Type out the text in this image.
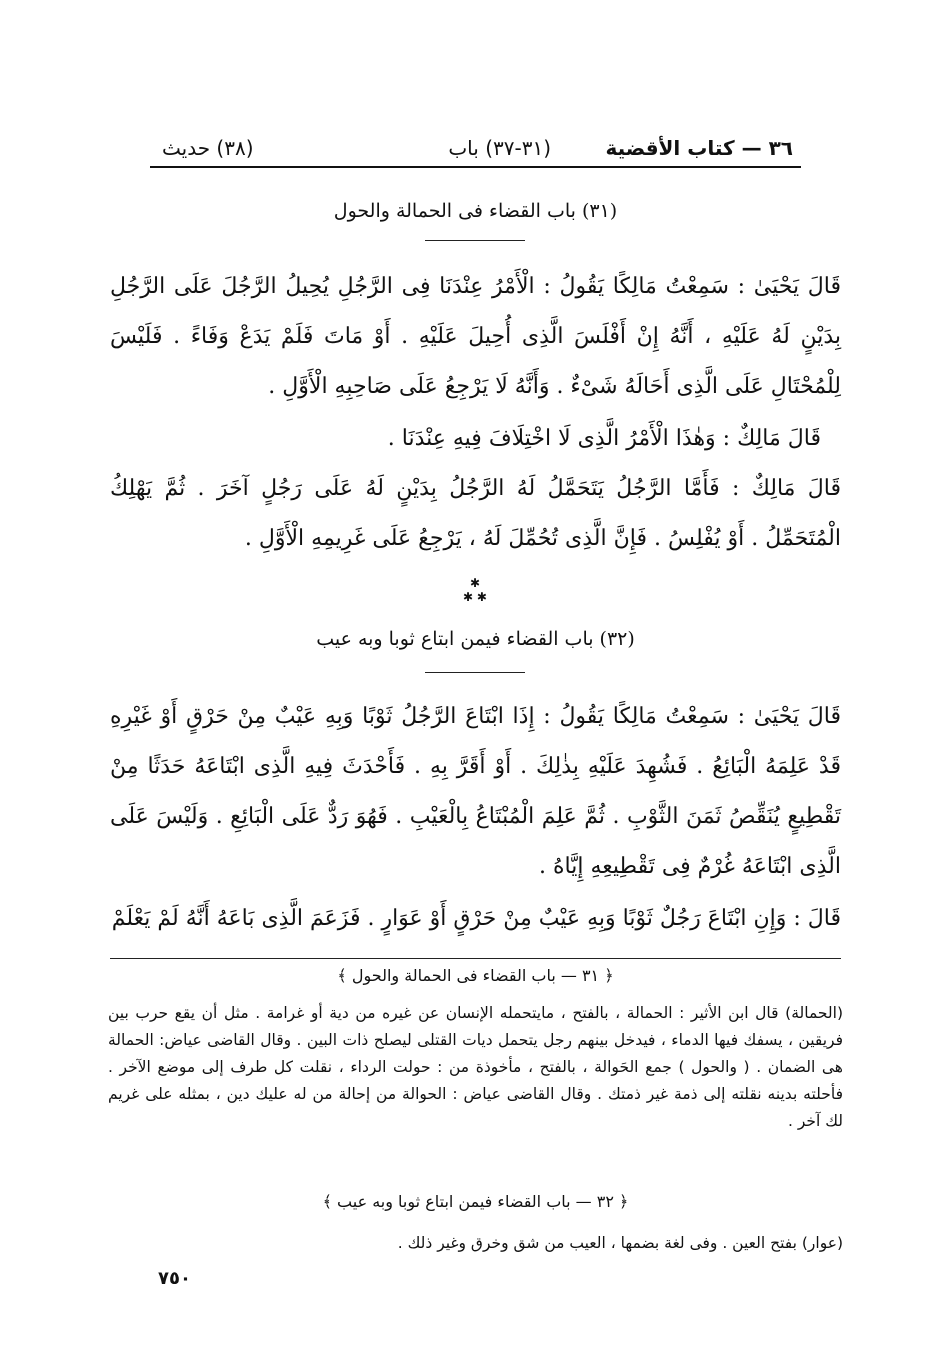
٣٦ — كتاب الأقضية
(٣١-٣٧) باب
(٣٨) حديث
(٣١) باب القضاء فى الحمالة والحول
قَالَ يَحْيَىٰ : سَمِعْتُ مَالِكًا يَقُولُ : الْأَمْرُ عِنْدَنَا فِى الرَّجُلِ يُحِيلُ الرَّجُلَ عَلَى الرَّجُلِ بِدَيْنٍ لَهُ عَلَيْهِ ، أَنَّهُ إِنْ أَفْلَسَ الَّذِى أُحِيلَ عَلَيْهِ . أَوْ مَاتَ فَلَمْ يَدَعْ وَفَاءً . فَلَيْسَ لِلْمُحْتَالِ عَلَى الَّذِى أَحَالَهُ شَىْءٌ . وَأَنَّهُ لَا يَرْجِعُ عَلَى صَاحِبِهِ الْأَوَّلِ .
قَالَ مَالِكٌ : وَهٰذَا الْأَمْرُ الَّذِى لَا اخْتِلَافَ فِيهِ عِنْدَنَا .
قَالَ مَالِكٌ : فَأَمَّا الرَّجُلُ يَتَحَمَّلُ لَهُ الرَّجُلُ بِدَيْنٍ لَهُ عَلَى رَجُلٍ آخَرَ . ثُمَّ يَهْلِكُ الْمُتَحَمِّلُ . أَوْ يُفْلِسُ . فَإِنَّ الَّذِى تُحُمِّلَ لَهُ ، يَرْجِعُ عَلَى غَرِيمِهِ الْأَوَّلِ .
✱
✱ ✱
(٣٢) باب القضاء فيمن ابتاع ثوبا وبه عيب
قَالَ يَحْيَىٰ : سَمِعْتُ مَالِكًا يَقُولُ : إِذَا ابْتَاعَ الرَّجُلُ ثَوْبًا وَبِهِ عَيْبٌ مِنْ حَرْقٍ أَوْ غَيْرِهِ قَدْ عَلِمَهُ الْبَائِعُ . فَشُهِدَ عَلَيْهِ بِذٰلِكَ . أَوْ أَقَرَّ بِهِ . فَأَحْدَثَ فِيهِ الَّذِى ابْتَاعَهُ حَدَثًا مِنْ تَقْطِيعٍ يُنَقِّصُ ثَمَنَ الثَّوْبِ . ثُمَّ عَلِمَ الْمُبْتَاعُ بِالْعَيْبِ . فَهُوَ رَدٌّ عَلَى الْبَائِعِ . وَلَيْسَ عَلَى الَّذِى ابْتَاعَهُ غُرْمٌ فِى تَقْطِيعِهِ إِيَّاهُ .
قَالَ : وَإِنِ ابْتَاعَ رَجُلٌ ثَوْبًا وَبِهِ عَيْبٌ مِنْ حَرْقٍ أَوْ عَوَارٍ . فَزَعَمَ الَّذِى بَاعَهُ أَنَّهُ لَمْ يَعْلَمْ
﴿ ٣١ — باب القضاء فى الحمالة والحول ﴾
(الحمالة) قال ابن الأثير : الحمالة ، بالفتح ، مايتحمله الإنسان عن غيره من دية أو غرامة . مثل أن يقع حرب بين فريقين ، يسفك فيها الدماء ، فيدخل بينهم رجل يتحمل ديات القتلى ليصلح ذات البين . وقال القاضى عياض: الحمالة هى الضمان . ( والحول ) جمع الحَوالة ، بالفتح ، مأخوذة من : حولت الرداء ، نقلت كل طرف إلى موضع الآخر . فأحلته بدينه نقلته إلى ذمة غير ذمتك . وقال القاضى عياض : الحوالة من إحالة من له عليك دين ، بمثله على غريم لك آخر .
﴿ ٣٢ — باب القضاء فيمن ابتاع ثوبا وبه عيب ﴾
(عوار) بفتح العين . وفى لغة بضمها ، العيب من شق وخرق وغير ذلك .
٧٥٠
